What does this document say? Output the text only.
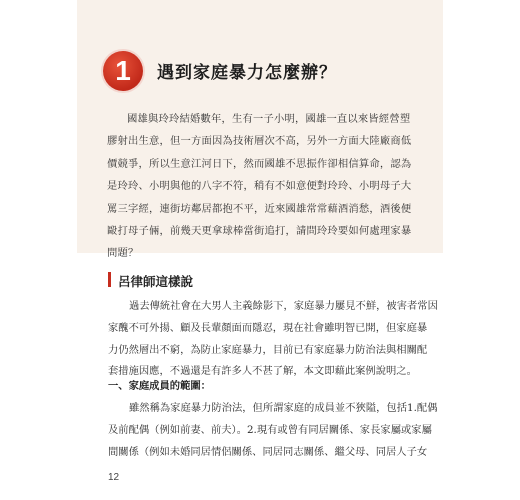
1	遇到家庭暴力怎麼辦？
國雄與玲玲結婚數年，生有一子小明，國雄一直以來皆經營塑
膠射出生意，但一方面因為技術層次不高，另外一方面大陸廠商低
價競爭，所以生意江河日下，然而國雄不思振作卻相信算命，認為
是玲玲、小明與他的八字不符，稍有不如意便對玲玲、小明母子大
罵三字經，連街坊鄰居都抱不平，近來國雄常常藉酒消愁，酒後便
毆打母子倆，前幾天更拿球棒當街追打，請問玲玲要如何處理家暴
問題？
呂律師這樣說
過去傳統社會在大男人主義餘影下，家庭暴力屢見不鮮，被害者常因
家醜不可外揚、顧及長輩顏面而隱忍，現在社會雖明智已開，但家庭暴
力仍然層出不窮，為防止家庭暴力，目前已有家庭暴力防治法與相關配
套措施因應，不過還是有許多人不甚了解，本文即藉此案例說明之。
一、家庭成員的範圍：
雖然稱為家庭暴力防治法，但所謂家庭的成員並不狹隘，包括1.配偶
及前配偶（例如前妻、前夫）。2.現有或曾有同居關係、家長家屬或家屬
間關係（例如未婚同居情侶關係、同居同志關係、繼父母、同居人子女
12
